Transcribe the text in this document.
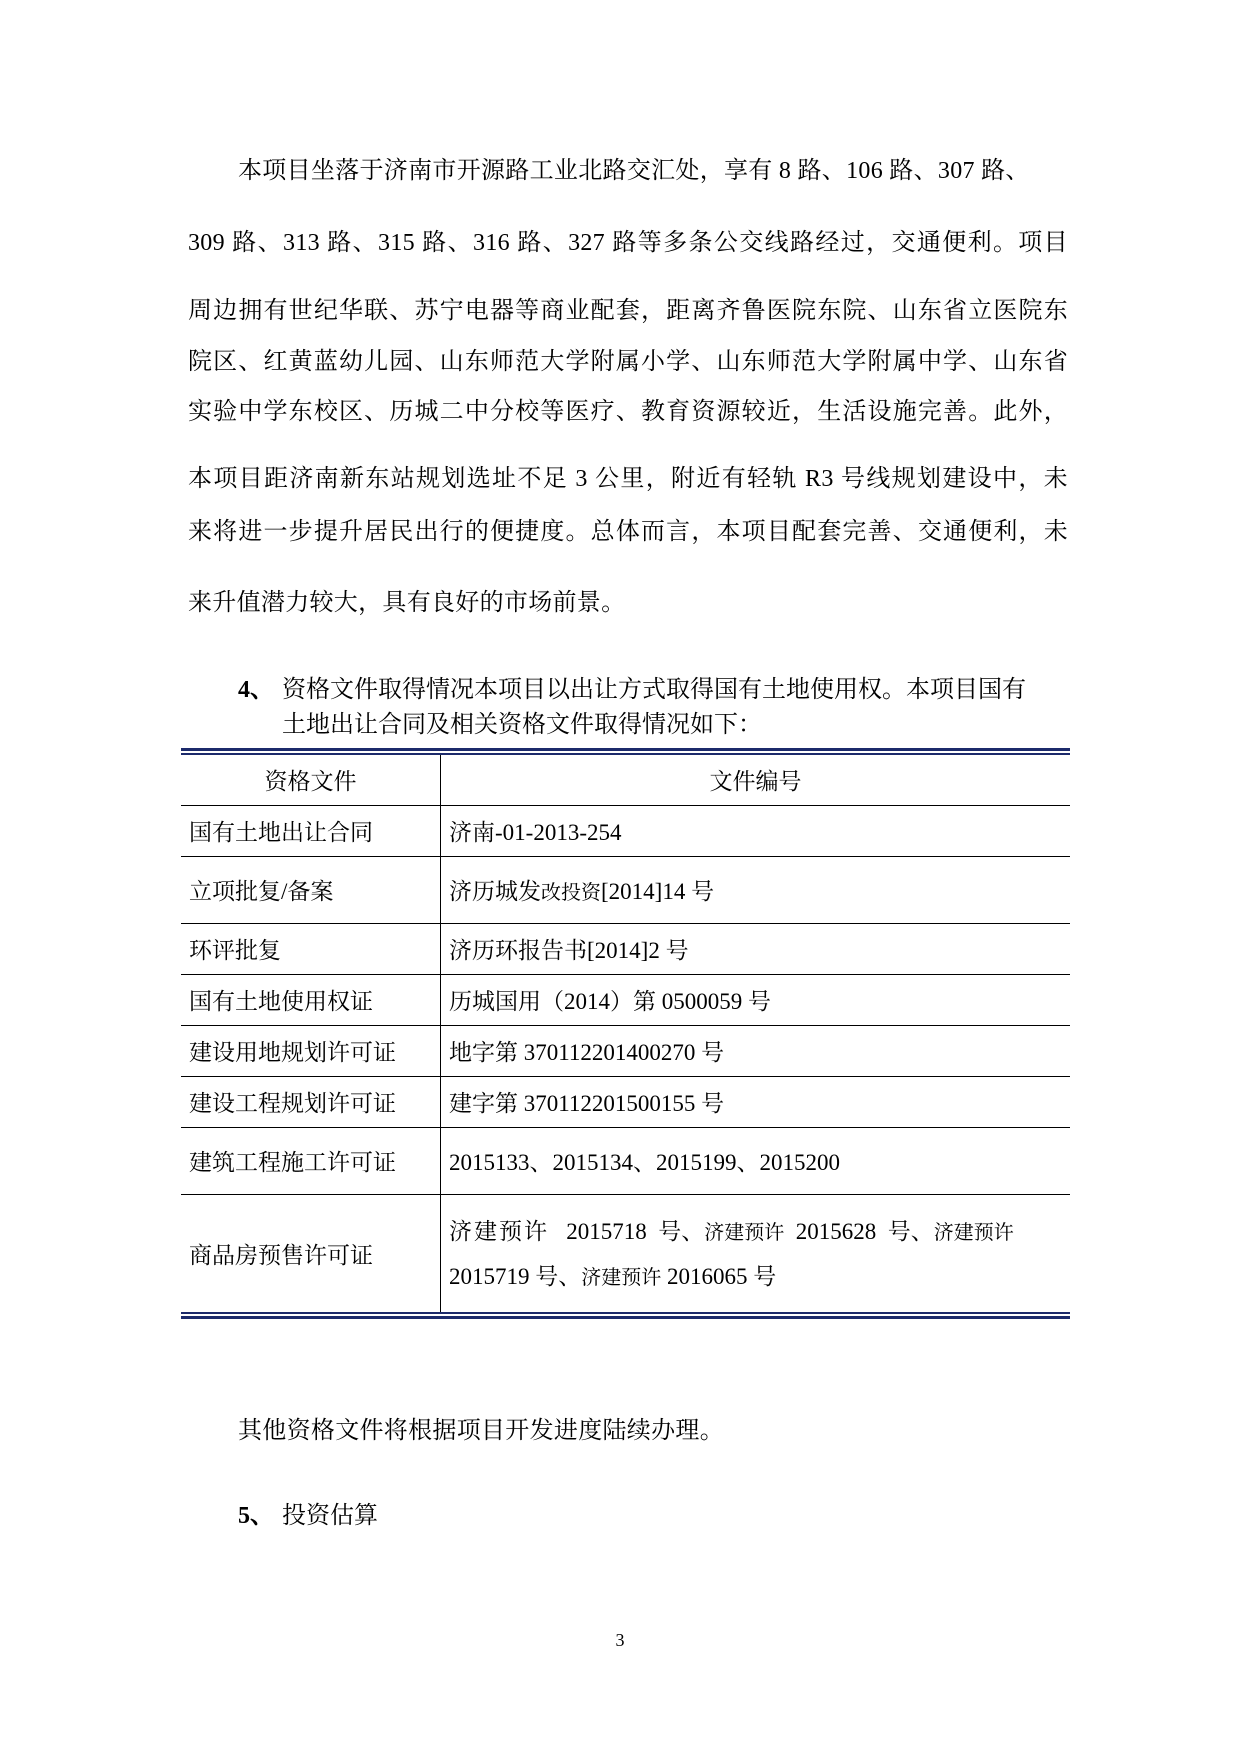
本项目坐落于济南市开源路工业北路交汇处，享有 8 路、106 路、307 路、
309 路、313 路、315 路、316 路、327 路等多条公交线路经过，交通便利。项目
周边拥有世纪华联、苏宁电器等商业配套，距离齐鲁医院东院、山东省立医院东
院区、红黄蓝幼儿园、山东师范大学附属小学、山东师范大学附属中学、山东省
实验中学东校区、历城二中分校等医疗、教育资源较近，生活设施完善。此外，
本项目距济南新东站规划选址不足 3 公里，附近有轻轨 R3 号线规划建设中，未
来将进一步提升居民出行的便捷度。总体而言，本项目配套完善、交通便利，未
来升值潜力较大，具有良好的市场前景。
4、 资格文件取得情况本项目以出让方式取得国有土地使用权。本项目国有
土地出让合同及相关资格文件取得情况如下：
资格文件	文件编号
国有土地出让合同	济南-01-2013-254
立项批复/备案	济历城发改投资[2014]14 号
环评批复	济历环报告书[2014]2 号
国有土地使用权证	历城国用（2014）第 0500059 号
建设用地规划许可证	地字第 370112201400270 号
建设工程规划许可证	建字第 370112201500155 号
建筑工程施工许可证	2015133、2015134、2015199、2015200
商品房预售许可证	济建预许 2015718 号、济建预许 2015628 号、济建预许
2015719 号、济建预许 2016065 号
其他资格文件将根据项目开发进度陆续办理。
5、 投资估算
3
